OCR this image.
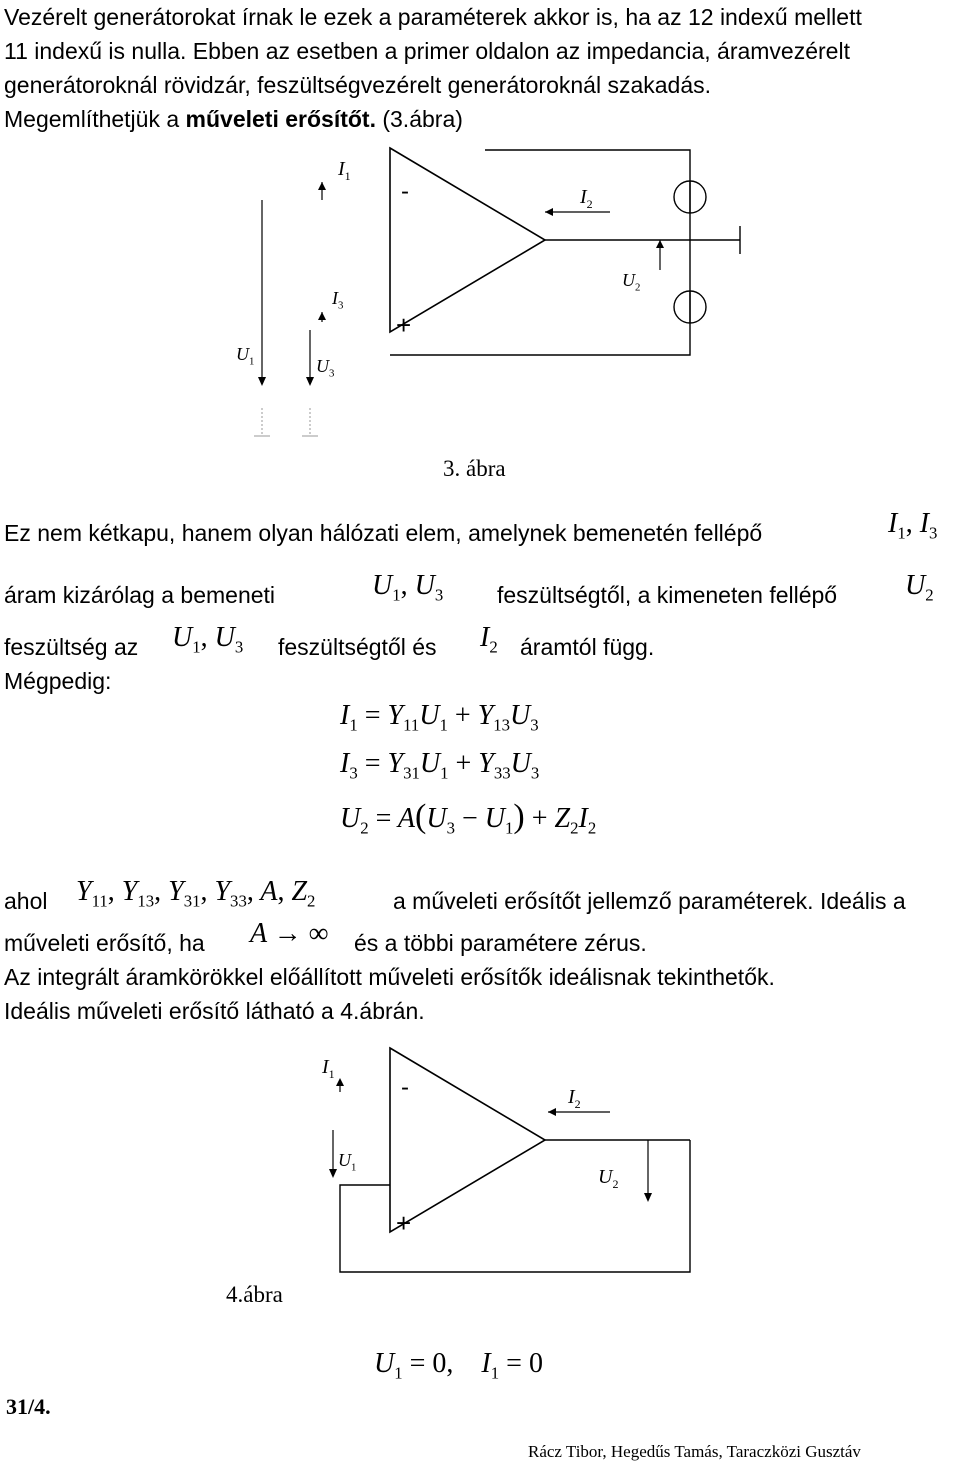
Vezérelt generátorokat írnak le ezek a paraméterek akkor is, ha az 12 indexű mellett
11 indexű is nulla. Ebben az esetben a primer oldalon az impedancia, áramvezérelt
generátoroknál rövidzár, feszültségvezérelt generátoroknál szakadás.
Megemlíthetjük a műveleti erősítőt. (3.ábra)
$I_1$
-	$I_2$
$I_3$
$U_2$
+
$U_1$	$U_3$
3. ábra
Ez nem kétkapu, hanem olyan hálózati elem, amelynek bemenetén fellépő	$I_1$, $I_3$
áram kizárólag a bemeneti	$U_1$, $U_3$ feszültségtől, a kimeneten fellépő $U_2$
feszültség az $U_1$, $U_3$ feszültségtől és $I_2$ áramtól függ.
Mégpedig:
$I_1 = Y_{11}U_1 + Y_{13}U_3$
$I_3 = Y_{31}U_1 + Y_{33}U_3$
$U_2 = A(U_3 - U_1) + Z_2I_2$
ahol $Y_{11}$, $Y_{13}$, $Y_{31}$, $Y_{33}$, A, $Z_2$	a műveleti erősítőt jellemző paraméterek. Ideális a
műveleti erősítő, ha A → ∞ és a többi paramétere zérus.
Az integrált áramkörökkel előállított műveleti erősítők ideálisnak tekinthetők.
Ideális műveleti erősítő látható a 4.ábrán.
$I_1$	-	$I_2$
$U_1$	$U_2$
+
4.ábra
$U_1 = 0$, $I_1 = 0$
31/4.
Rácz Tibor, Hegedűs Tamás, Taraczközi Gusztáv
